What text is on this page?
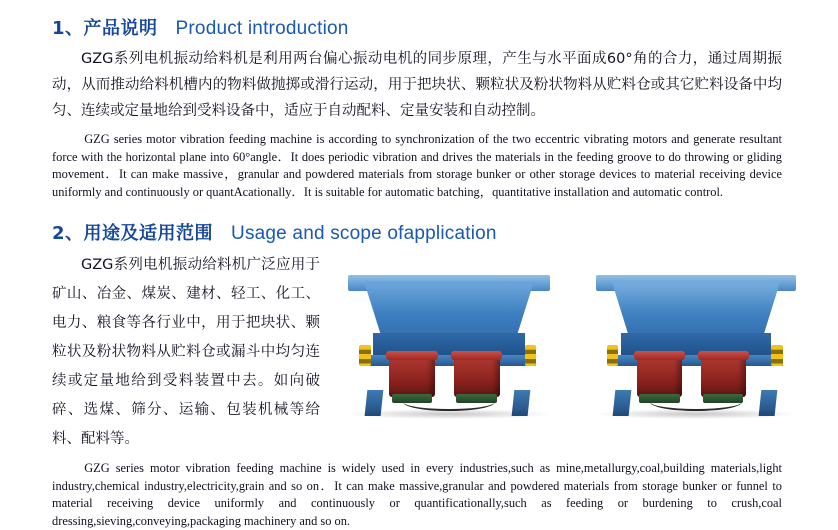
1、产品说明 Product introduction

GZG系列电机振动给料机是利用两台偏心振动电机的同步原理，产生与水平面成60°角的合力，通过周期振动，从而推动给料机槽内的物料做抛掷或滑行运动，用于把块状、颗粒状及粉状物料从贮料仓或其它贮料设备中均匀、连续或定量地给到受料设备中，适应于自动配料、定量安装和自动控制。

GZG series motor vibration feeding machine is according to synchronization of the two eccentric vibrating motors and generate resultant force with the horizontal plane into 60°angle．It does periodic vibration and drives the materials in the feeding groove to do throwing or gliding movement．It can make massive，granular and powdered materials from storage bunker or other storage devices to material receiving device uniformly and continuously or quantAcationally．It is suitable for automatic batching，quantitative installation and automatic control.

2、用途及适用范围 Usage and scope ofapplication

GZG系列电机振动给料机广泛应用于矿山、冶金、煤炭、建材、轻工、化工、电力、粮食等各行业中，用于把块状、颗粒状及粉状物料从贮料仓或漏斗中均匀连续或定量地给到受料装置中去。如向破碎、选煤、筛分、运输、包装机械等给料、配料等。

GZG series motor vibration feeding machine is widely used in every industries,such as mine,metallurgy,coal,building materials,light industry,chemical industry,electricity,grain and so on．It can make massive,granular and powdered materials from storage bunker or funnel to material receiving device uniformly and continuously or quantificationally,such as feeding or burdening to crush,coal dressing,sieving,conveying,packaging machinery and so on.
